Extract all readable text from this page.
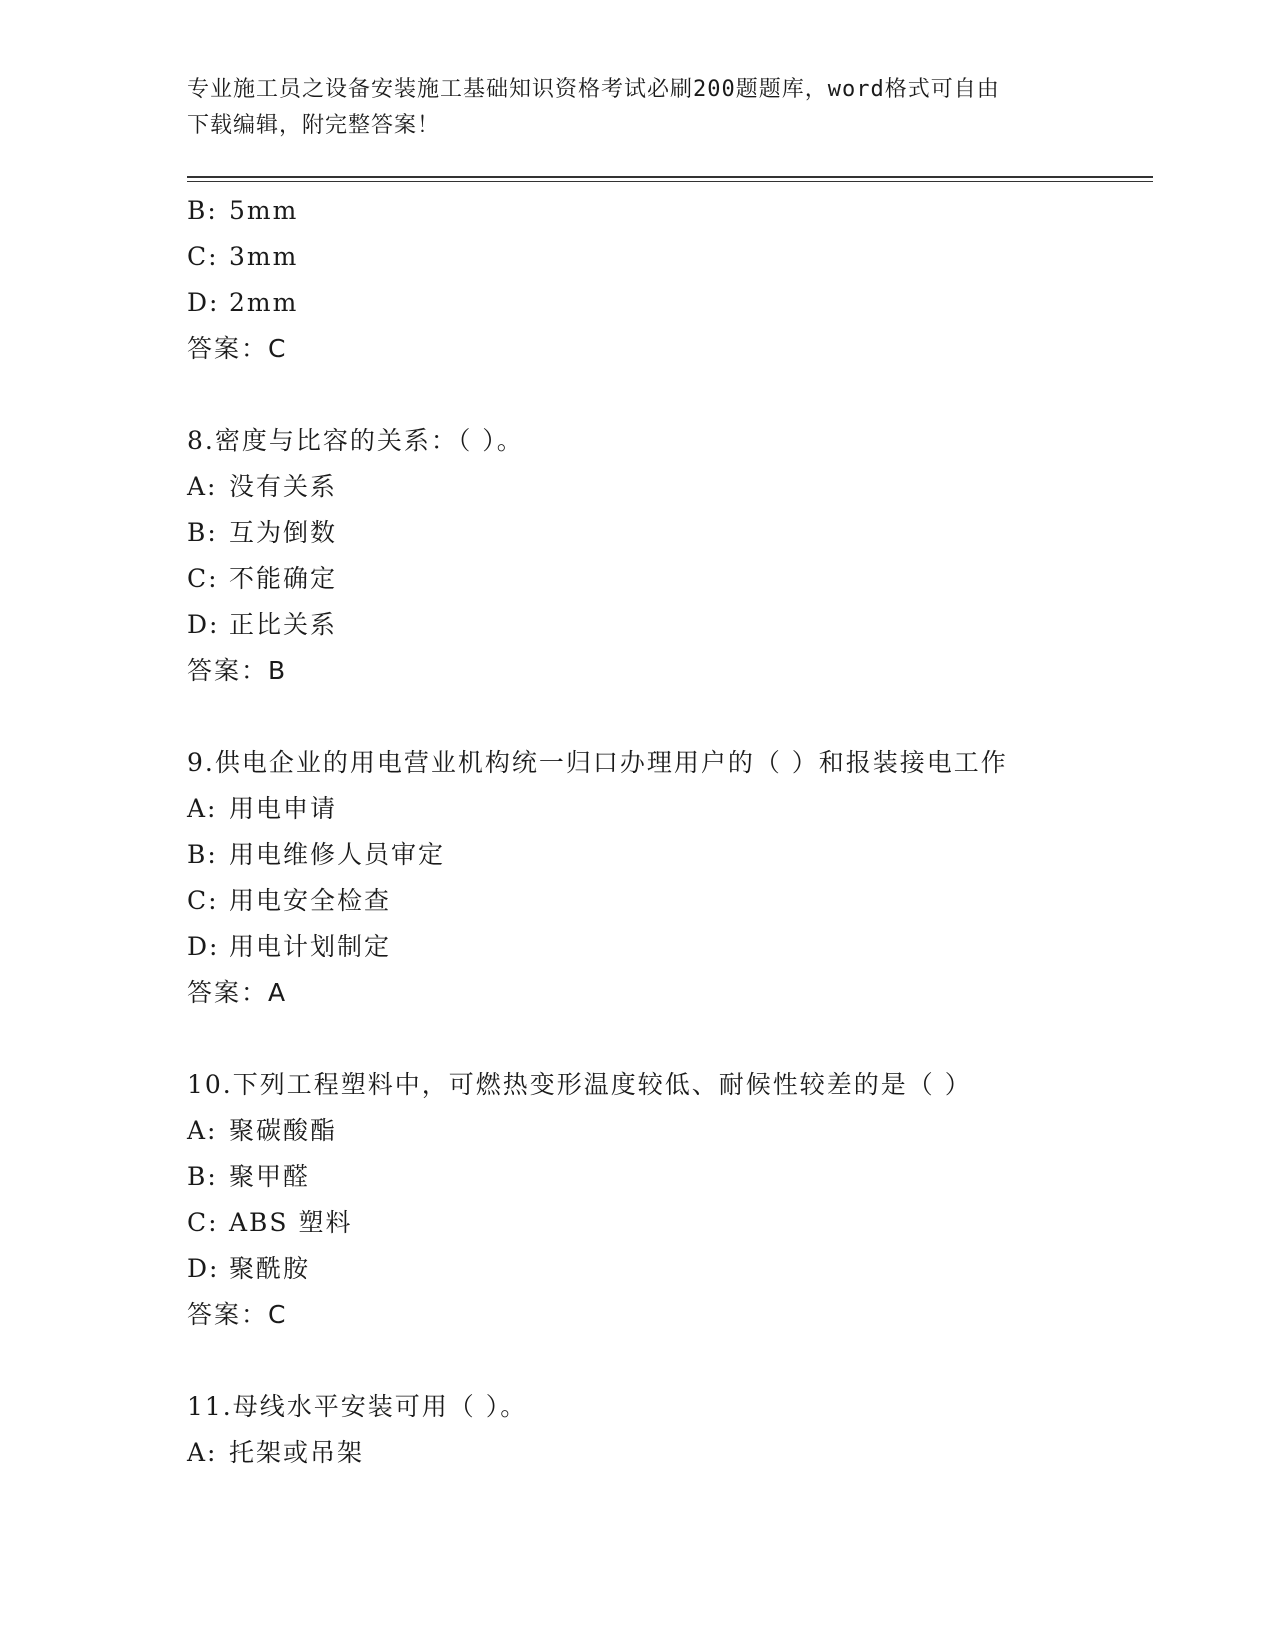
专业施工员之设备安装施工基础知识资格考试必刷200题题库，word格式可自由
下载编辑，附完整答案！
B: 5mm
C: 3mm
D: 2mm
答案：C
8.密度与比容的关系：（ ）。
A: 没有关系
B: 互为倒数
C: 不能确定
D: 正比关系
答案：B
9.供电企业的用电营业机构统一归口办理用户的（ ）和报装接电工作
A: 用电申请
B: 用电维修人员审定
C: 用电安全检查
D: 用电计划制定
答案：A
10.下列工程塑料中，可燃热变形温度较低、耐候性较差的是（ ）
A: 聚碳酸酯
B: 聚甲醛
C: ABS 塑料
D: 聚酰胺
答案：C
11.母线水平安装可用（ ）。
A: 托架或吊架
